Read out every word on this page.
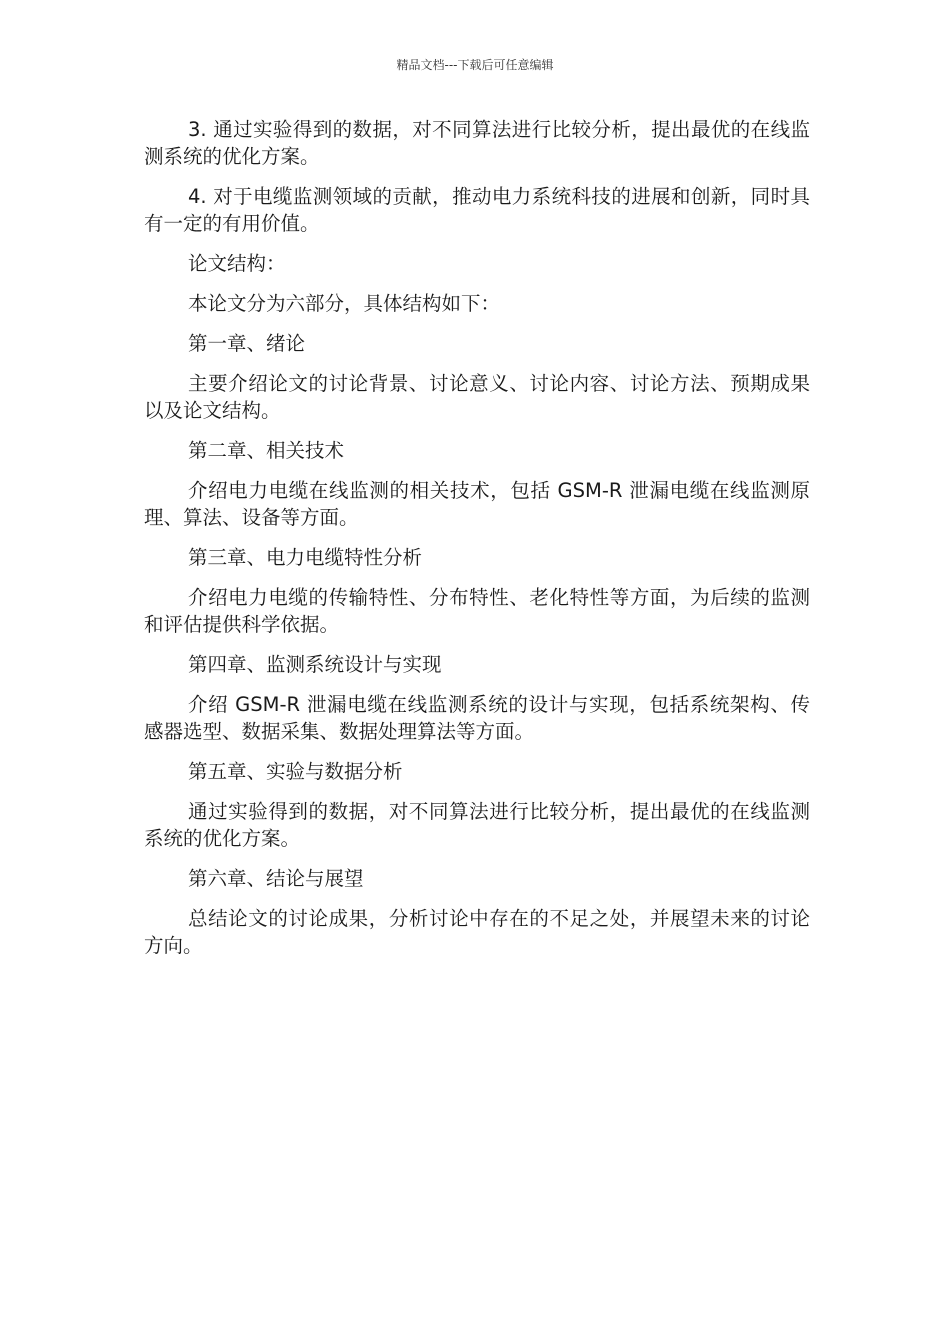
精品文档---下载后可任意编辑

3. 通过实验得到的数据，对不同算法进行比较分析，提出最优的在线监测系统的优化方案。

4. 对于电缆监测领域的贡献，推动电力系统科技的进展和创新，同时具有一定的有用价值。

论文结构：

本论文分为六部分，具体结构如下：

第一章、绪论

主要介绍论文的讨论背景、讨论意义、讨论内容、讨论方法、预期成果以及论文结构。

第二章、相关技术

介绍电力电缆在线监测的相关技术，包括 GSM-R 泄漏电缆在线监测原理、算法、设备等方面。

第三章、电力电缆特性分析

介绍电力电缆的传输特性、分布特性、老化特性等方面，为后续的监测和评估提供科学依据。

第四章、监测系统设计与实现

介绍 GSM-R 泄漏电缆在线监测系统的设计与实现，包括系统架构、传感器选型、数据采集、数据处理算法等方面。

第五章、实验与数据分析

通过实验得到的数据，对不同算法进行比较分析，提出最优的在线监测系统的优化方案。

第六章、结论与展望

总结论文的讨论成果，分析讨论中存在的不足之处，并展望未来的讨论方向。
